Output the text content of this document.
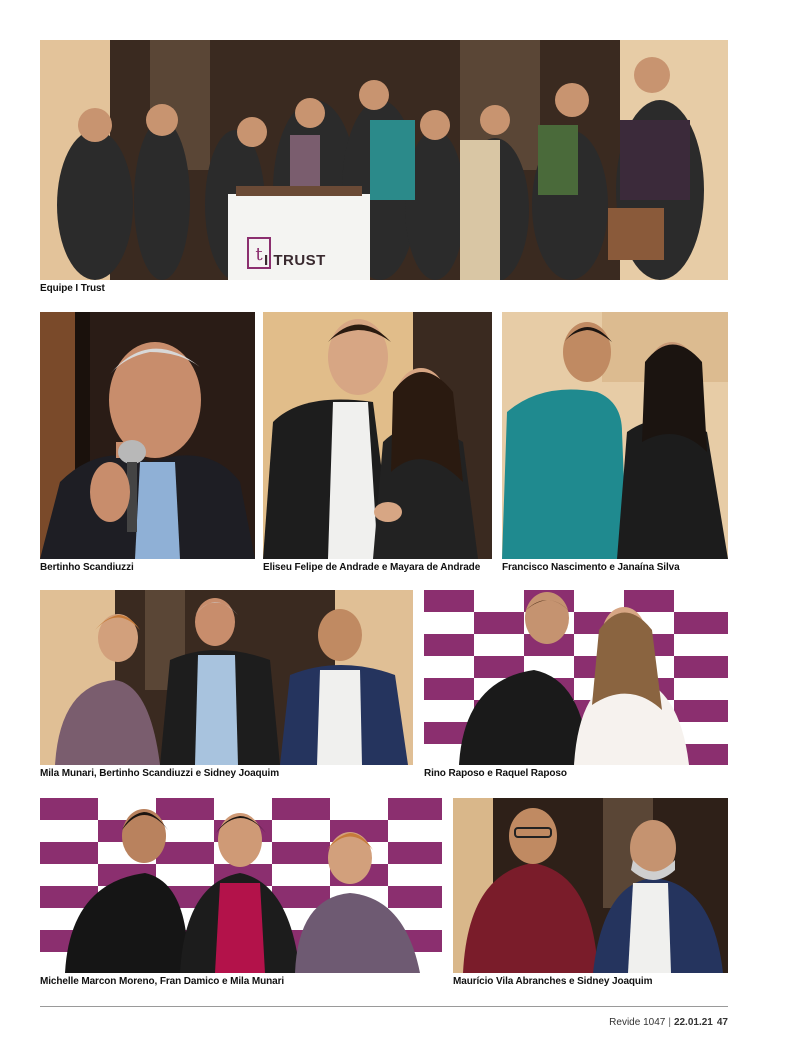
t I TRUST
Equipe I Trust
Bertinho Scandiuzzi	Eliseu Felipe de Andrade e Mayara de Andrade Francisco Nascimento e Janaína Silva
Mila Munari, Bertinho Scandiuzzi e Sidney Joaquim	Rino Raposo e Raquel Raposo
Michelle Marcon Moreno, Fran Damico e Mila Munari	Maurício Vila Abranches e Sidney Joaquim
Revide 1047 | 22.01.21 47
